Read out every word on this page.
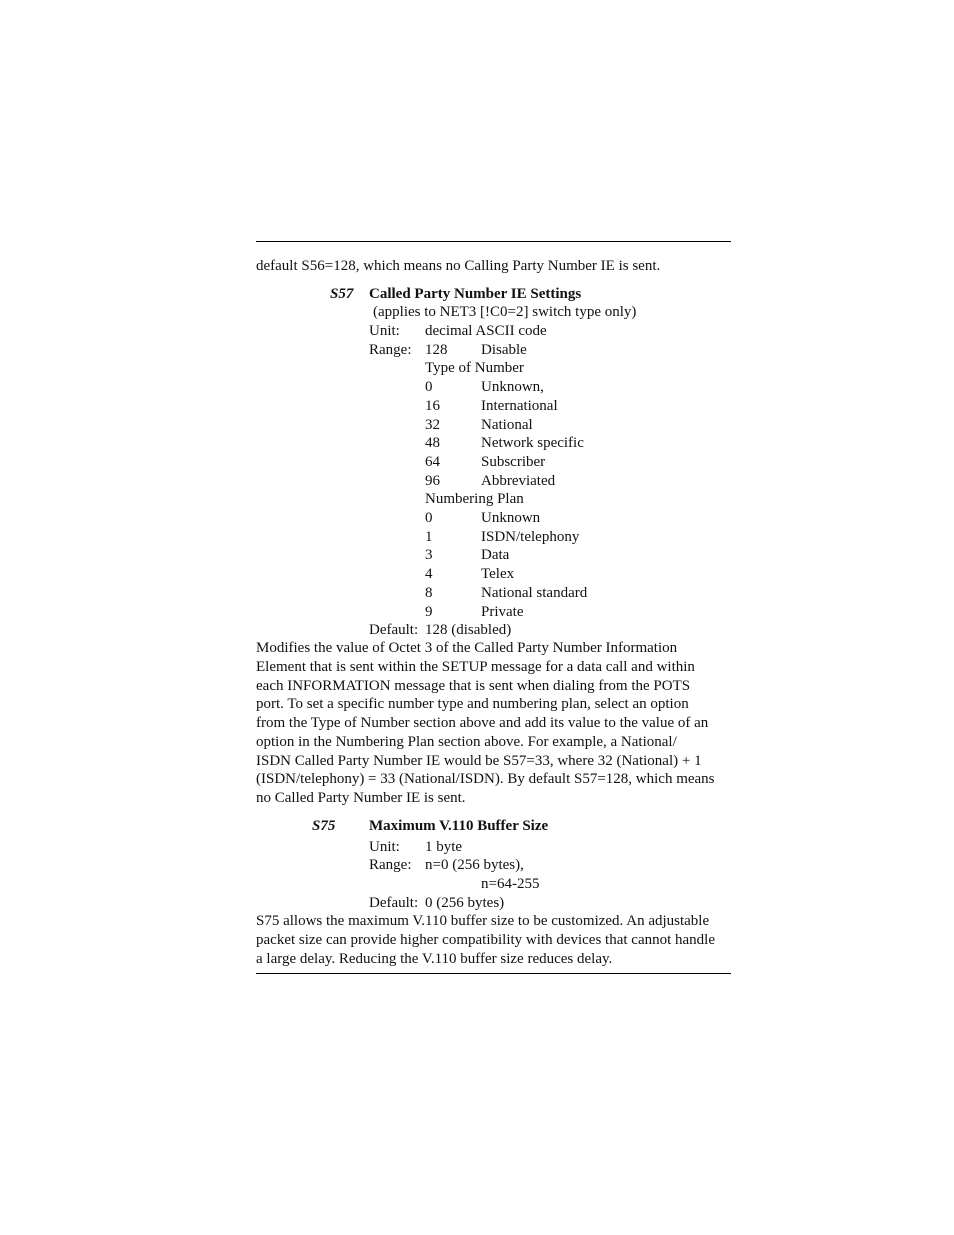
default S56=128, which means no Calling Party Number IE is sent.
S57 Called Party Number IE Settings
(applies to NET3 [!C0=2] switch type only)
Unit: decimal ASCII code
Range: 128 Disable
Type of Number
0	Unknown,
16	International
32	National
48	Network specific
64	Subscriber
96	Abbreviated
Numbering Plan
0	Unknown
1	ISDN/telephony
3	Data
4	Telex
8	National standard
9	Private
Default: 128 (disabled)
Modifies the value of Octet 3 of the Called Party Number Information
Element that is sent within the SETUP message for a data call and within
each INFORMATION message that is sent when dialing from the POTS
port. To set a specific number type and numbering plan, select an option
from the Type of Number section above and add its value to the value of an
option in the Numbering Plan section above. For example, a National/
ISDN Called Party Number IE would be S57=33, where 32 (National) + 1
(ISDN/telephony) = 33 (National/ISDN). By default S57=128, which means
no Called Party Number IE is sent.
S75 Maximum V.110 Buffer Size
Unit: 1 byte
Range: n=0 (256 bytes),
n=64-255
Default: 0 (256 bytes)
S75 allows the maximum V.110 buffer size to be customized. An adjustable
packet size can provide higher compatibility with devices that cannot handle
a large delay. Reducing the V.110 buffer size reduces delay.
